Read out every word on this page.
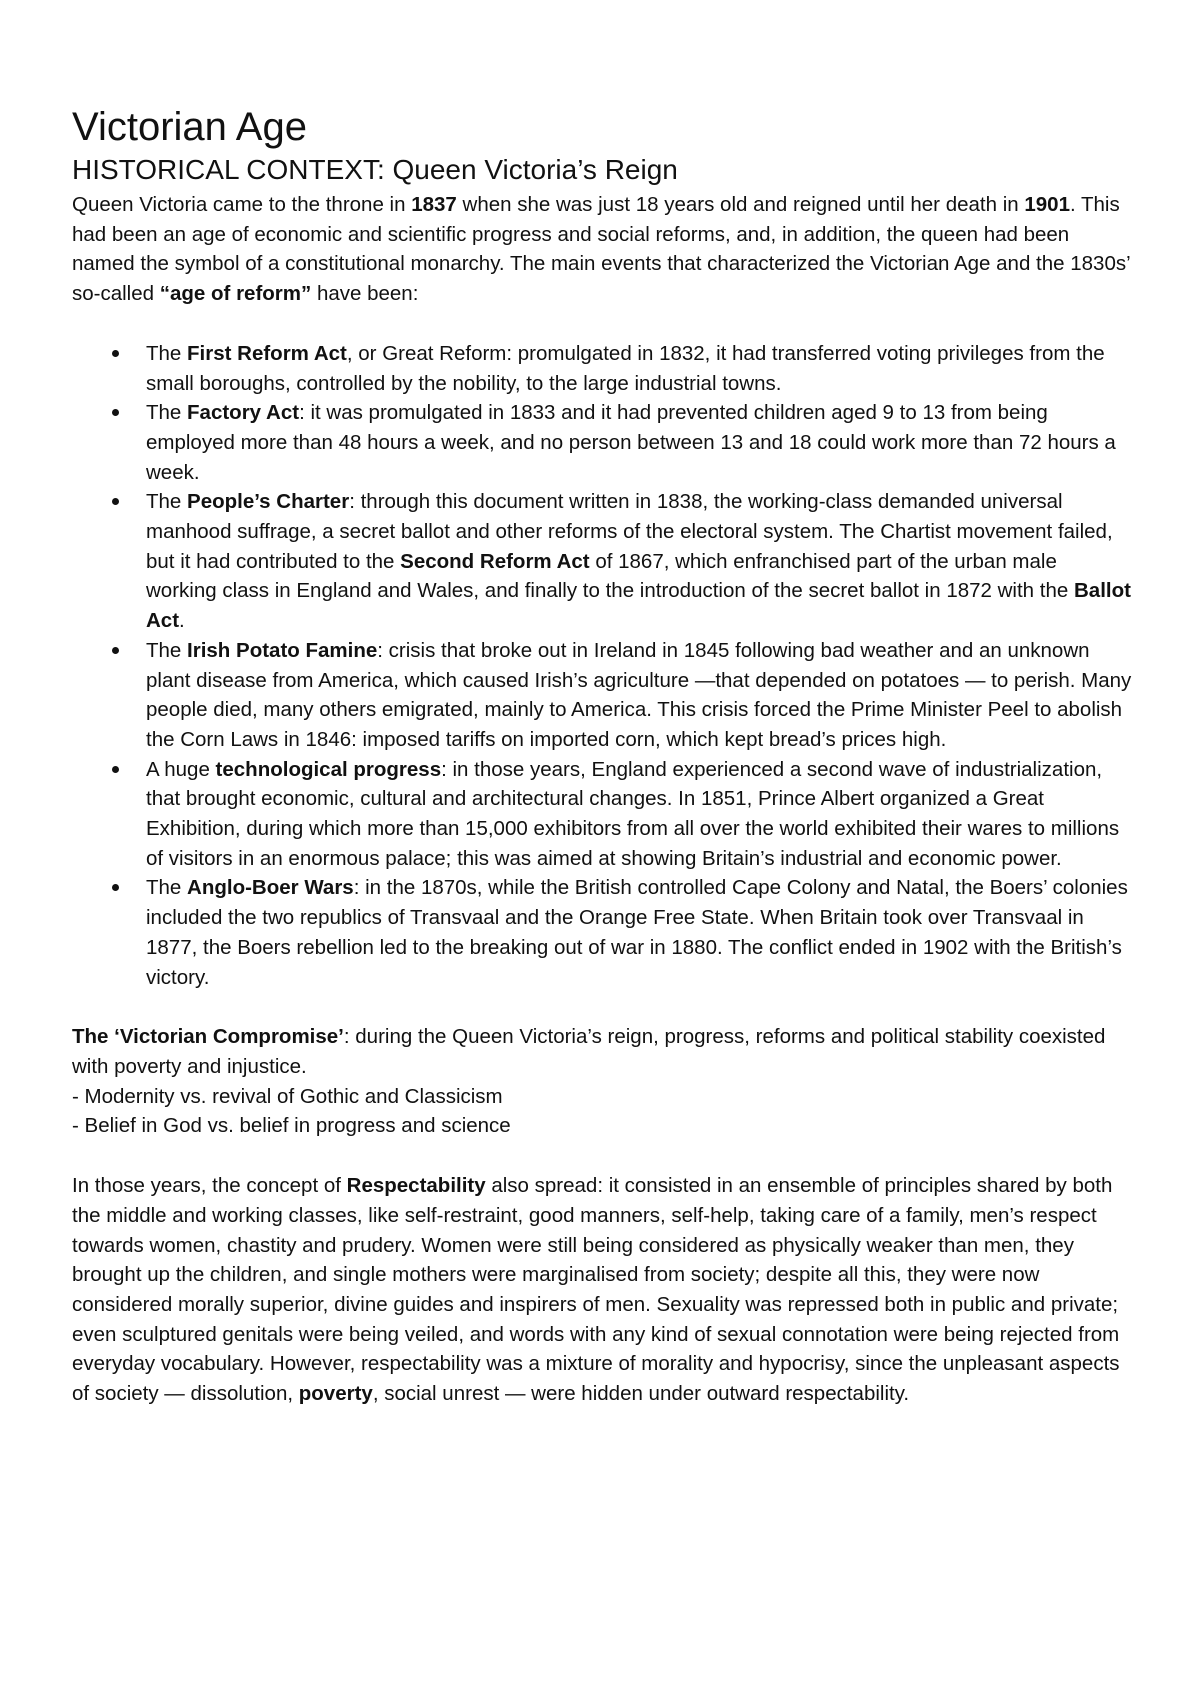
Victorian Age
HISTORICAL CONTEXT: Queen Victoria’s Reign

Queen Victoria came to the throne in 1837 when she was just 18 years old and reigned until her death in 1901. This had been an age of economic and scientific progress and social reforms, and, in addition, the queen had been named the symbol of a constitutional monarchy. The main events that characterized the Victorian Age and the 1830s’ so-called “age of reform” have been:

The First Reform Act, or Great Reform: promulgated in 1832, it had transferred voting privileges from the small boroughs, controlled by the nobility, to the large industrial towns.
The Factory Act: it was promulgated in 1833 and it had prevented children aged 9 to 13 from being employed more than 48 hours a week, and no person between 13 and 18 could work more than 72 hours a week.
The People’s Charter: through this document written in 1838, the working-class demanded universal manhood suffrage, a secret ballot and other reforms of the electoral system. The Chartist movement failed, but it had contributed to the Second Reform Act of 1867, which enfranchised part of the urban male working class in England and Wales, and finally to the introduction of the secret ballot in 1872 with the Ballot Act.
The Irish Potato Famine: crisis that broke out in Ireland in 1845 following bad weather and an unknown plant disease from America, which caused Irish’s agriculture —that depended on potatoes — to perish. Many people died, many others emigrated, mainly to America. This crisis forced the Prime Minister Peel to abolish the Corn Laws in 1846: imposed tariffs on imported corn, which kept bread’s prices high.
A huge technological progress: in those years, England experienced a second wave of industrialization, that brought economic, cultural and architectural changes. In 1851, Prince Albert organized a Great Exhibition, during which more than 15,000 exhibitors from all over the world exhibited their wares to millions of visitors in an enormous palace; this was aimed at showing Britain’s industrial and economic power.
The Anglo-Boer Wars: in the 1870s, while the British controlled Cape Colony and Natal, the Boers’ colonies included the two republics of Transvaal and the Orange Free State. When Britain took over Transvaal in 1877, the Boers rebellion led to the breaking out of war in 1880. The conflict ended in 1902 with the British’s victory.

The ‘Victorian Compromise’: during the Queen Victoria’s reign, progress, reforms and political stability coexisted with poverty and injustice.

- Modernity vs. revival of Gothic and Classicism

- Belief in God vs. belief in progress and science

In those years, the concept of Respectability also spread: it consisted in an ensemble of principles shared by both the middle and working classes, like self-restraint, good manners, self-help, taking care of a family, men’s respect towards women, chastity and prudery. Women were still being considered as physically weaker than men, they brought up the children, and single mothers were marginalised from society; despite all this, they were now considered morally superior, divine guides and inspirers of men. Sexuality was repressed both in public and private; even sculptured genitals were being veiled, and words with any kind of sexual connotation were being rejected from everyday vocabulary. However, respectability was a mixture of morality and hypocrisy, since the unpleasant aspects of society — dissolution, poverty, social unrest — were hidden under outward respectability.
